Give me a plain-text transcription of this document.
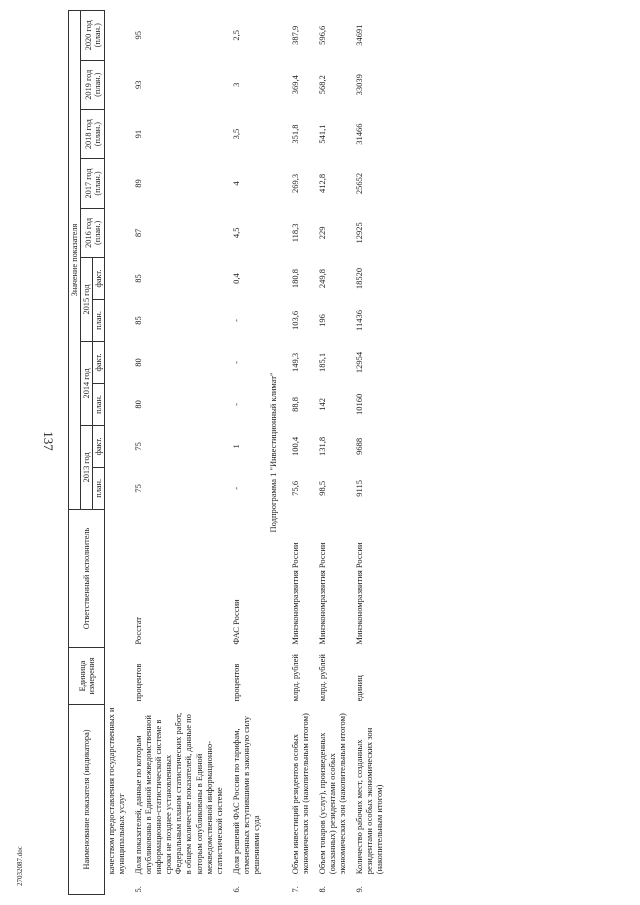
137
27032087.doc	Наименование показателя (индикатора)		Единица измерения	Ответственный исполнитель	Значение показателя										
				2013 год		2014 год		2015 год		2016 год (план.)	2017 год (план.)	2018 год (план.)	2019 год (план.)	2020 год (план.)
				план.	факт.	план.	факт.	план.	факт.					
	качеством предоставления государственных и муниципальных услуг													
5.	Доля показателей, данные по которым опубликованы в Единой межведомственной информационно-статистической системе в сроки не позднее установленных Федеральным планом статистических работ, в общем количестве показателей, данные по которым опубликованы в Единой межведомственной информационно-статистической системе	процентов	Росстат	75	75	80	80	85	85	87	89	91	93	95
6.	Доля решений ФАС России по тарифам, отмененных вступившими в законную силу решениями суда	процентов	ФАС России	-	1	-	-	-	0,4	4,5	4	3,5	3	2,5
Подпрограмма 1 "Инвестиционный климат"														
7.	Объем инвестиций резидентов особых экономических зон (накопительным итогом)	млрд. рублей	Минэкономразвития России	75,6	100,4	88,8	149,3	103,6	180,8	118,3	269,3	351,8	369,4	387,9
8.	Объем товаров (услуг), произведенных (оказанных) резидентами особых экономических зон (накопительным итогом)	млрд. рублей	Минэкономразвития России	98,5	131,8	142	185,1	196	249,8	229	412,8	541,1	568,2	596,6
9.	Количество рабочих мест, созданных резидентами особых экономических зон (накопительным итогом)	единиц	Минэкономразвития России	9115	9688	10160	12954	11436	18520	12925	25652	31466	33039	34691
